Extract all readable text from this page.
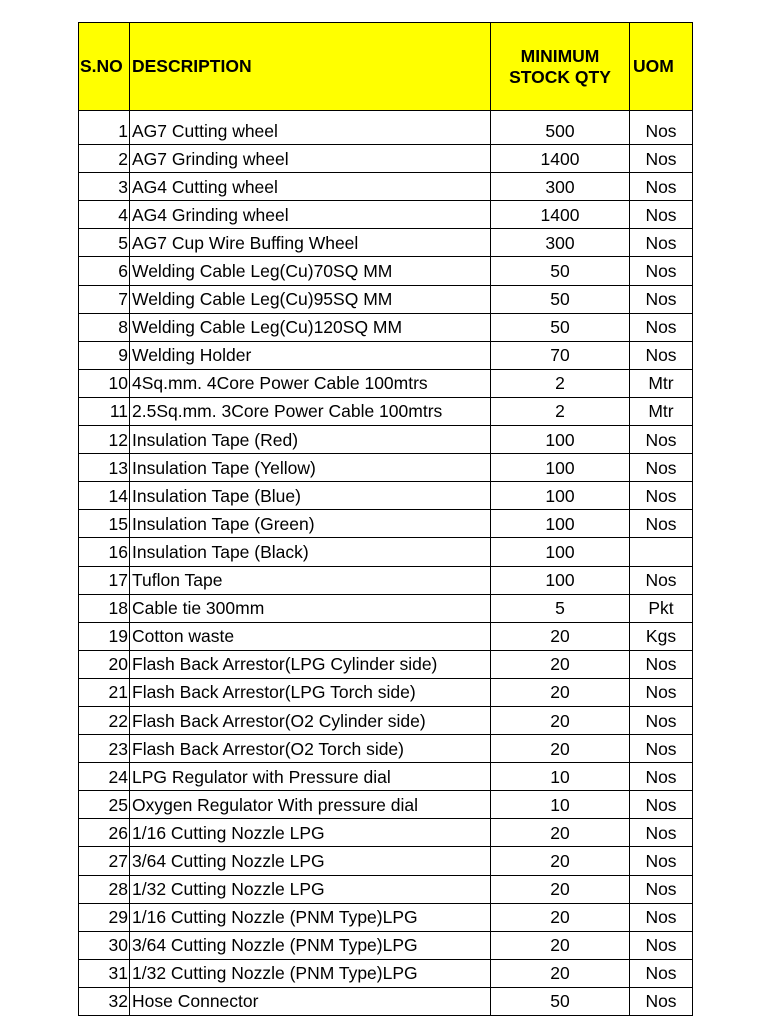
S.NO	DESCRIPTION	MINIMUM STOCK QTY	UOM

1	AG7 Cutting wheel	500	Nos
2	AG7 Grinding wheel	1400	Nos
3	AG4 Cutting wheel	300	Nos
4	AG4 Grinding wheel	1400	Nos
5	AG7 Cup Wire Buffing Wheel	300	Nos
6	Welding Cable Leg(Cu)70SQ MM	50	Nos
7	Welding Cable Leg(Cu)95SQ MM	50	Nos
8	Welding Cable Leg(Cu)120SQ MM	50	Nos
9	Welding Holder	70	Nos
10	4Sq.mm. 4Core Power Cable 100mtrs	2	Mtr
11	2.5Sq.mm. 3Core Power Cable 100mtrs	2	Mtr
12	Insulation Tape (Red)	100	Nos
13	Insulation Tape (Yellow)	100	Nos
14	Insulation Tape (Blue)	100	Nos
15	Insulation Tape (Green)	100	Nos
16	Insulation Tape (Black)	100	
17	Tuflon Tape	100	Nos
18	Cable tie 300mm	5	Pkt
19	Cotton waste	20	Kgs
20	Flash Back Arrestor(LPG Cylinder side)	20	Nos
21	Flash Back Arrestor(LPG Torch side)	20	Nos
22	Flash Back Arrestor(O2 Cylinder side)	20	Nos
23	Flash Back Arrestor(O2 Torch side)	20	Nos
24	LPG Regulator with Pressure dial	10	Nos
25	Oxygen Regulator With pressure dial	10	Nos
26	1/16 Cutting Nozzle LPG	20	Nos
27	3/64 Cutting Nozzle LPG	20	Nos
28	1/32 Cutting Nozzle LPG	20	Nos
29	1/16 Cutting Nozzle (PNM Type)LPG	20	Nos
30	3/64 Cutting Nozzle (PNM Type)LPG	20	Nos
31	1/32 Cutting Nozzle (PNM Type)LPG	20	Nos
32	Hose Connector	50	Nos
